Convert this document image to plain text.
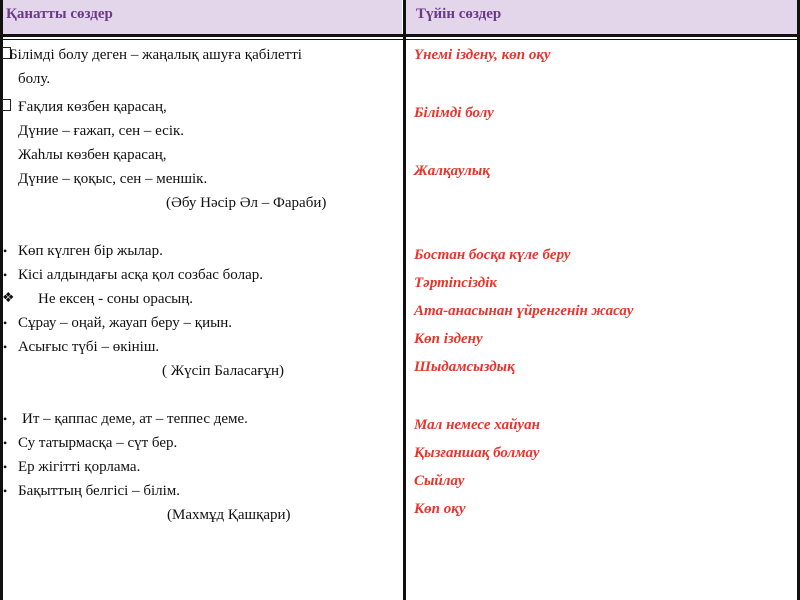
Қанатты сөздер	Түйін сөздер
•
•
❖
•
•
•
•
•
•
Білімді болу деген – жаңалық ашуға қабілетті
болу.
Ғақлия көзбен қарасаң,
Дүние – ғажап, сен – есік.
Жаһлы көзбен қарасаң,
Дүние – қоқыс, сен – меншік.
(Әбу Нәсір Әл – Фараби)
Көп күлген бір жылар.
Кісі алдындағы асқа қол созбас болар.
Не ексең - соны орасың.
Сұрау – оңай, жауап беру – қиын.
Асығыс түбі – өкініш.
( Жүсіп Баласағұн)
Ит – қаппас деме, ат – теппес деме.
Су татырмасқа – сүт бер.
Ер жігітті қорлама.
Бақыттың белгісі – білім.
(Махмұд Қашқари)
Үнемі іздену, көп оқу
Білімді болу
Жалқаулық
Бостан босқа күле беру
Тәртіпсіздік
Ата-анасынан үйренгенін жасау
Көп іздену
Шыдамсыздық
Мал немесе хайуан
Қызғаншақ болмау
Сыйлау
Көп оқу
